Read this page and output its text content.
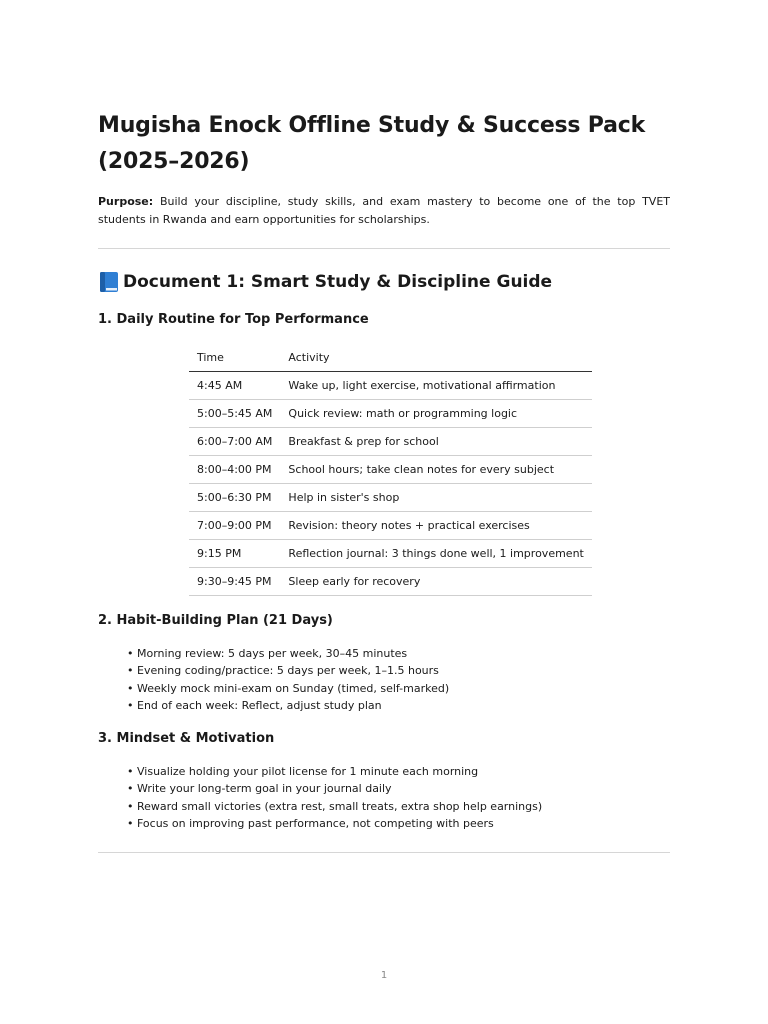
Mugisha Enock Offline Study & Success Pack (2025–2026)

Purpose: Build your discipline, study skills, and exam mastery to become one of the top TVET students in Rwanda and earn opportunities for scholarships.

Document 1: Smart Study & Discipline Guide
1. Daily Routine for Top Performance
Time	Activity
4:45 AM	Wake up, light exercise, motivational affirmation
5:00–5:45 AM	Quick review: math or programming logic
6:00–7:00 AM	Breakfast & prep for school
8:00–4:00 PM	School hours; take clean notes for every subject
5:00–6:30 PM	Help in sister's shop
7:00–9:00 PM	Revision: theory notes + practical exercises
9:15 PM	Reflection journal: 3 things done well, 1 improvement
9:30–9:45 PM	Sleep early for recovery
2. Habit-Building Plan (21 Days)
• Morning review: 5 days per week, 30–45 minutes
• Evening coding/practice: 5 days per week, 1–1.5 hours
• Weekly mock mini-exam on Sunday (timed, self-marked)
• End of each week: Reflect, adjust study plan
3. Mindset & Motivation
• Visualize holding your pilot license for 1 minute each morning
• Write your long-term goal in your journal daily
• Reward small victories (extra rest, small treats, extra shop help earnings)
• Focus on improving past performance, not competing with peers
1
